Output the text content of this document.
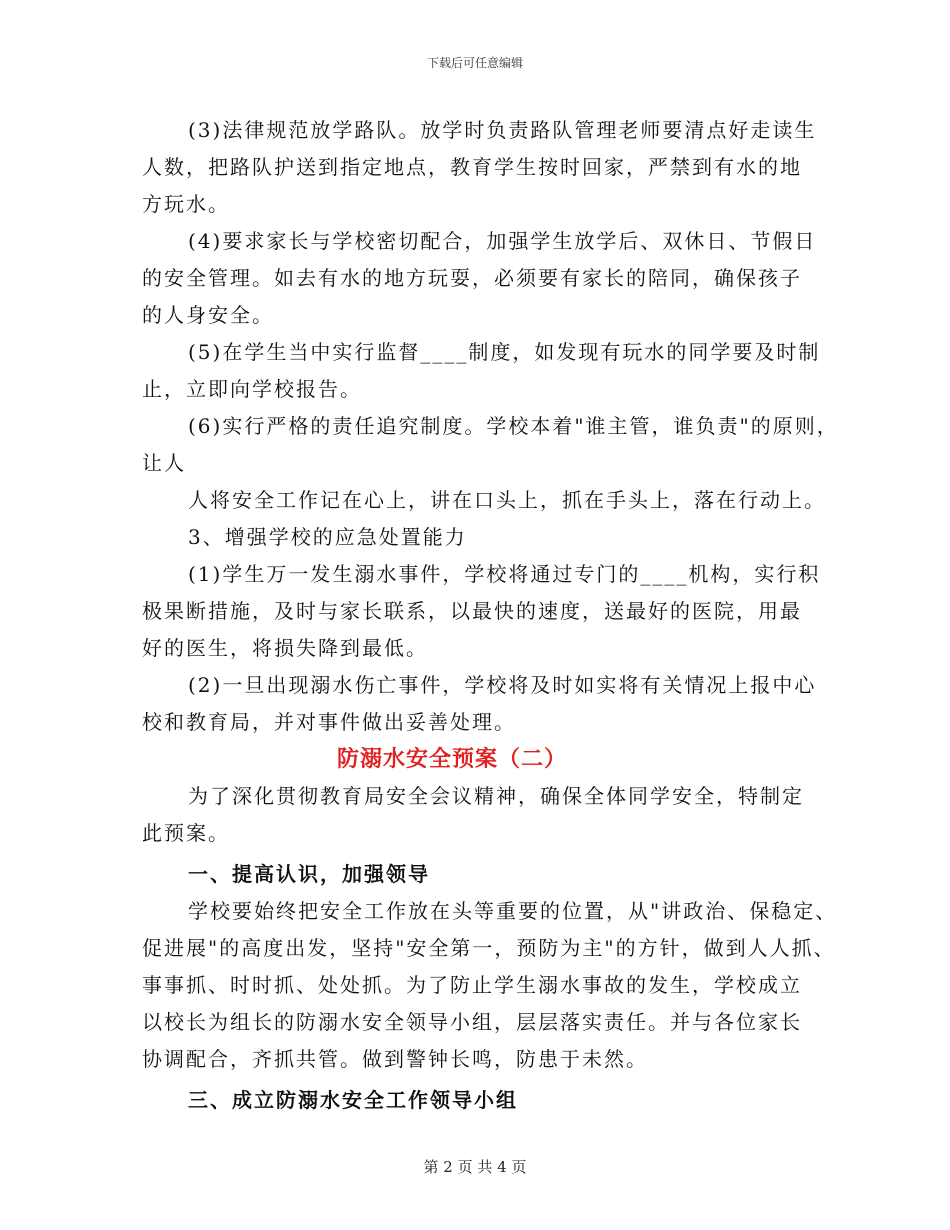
下载后可任意编辑
(3)法律规范放学路队。放学时负责路队管理老师要清点好走读生
人数，把路队护送到指定地点，教育学生按时回家，严禁到有水的地
方玩水。
(4)要求家长与学校密切配合，加强学生放学后、双休日、节假日
的安全管理。如去有水的地方玩耍，必须要有家长的陪同，确保孩子
的人身安全。
(5)在学生当中实行监督____制度，如发现有玩水的同学要及时制
止，立即向学校报告。
(6)实行严格的责任追究制度。学校本着"谁主管，谁负责"的原则，
让人
人将安全工作记在心上，讲在口头上，抓在手头上，落在行动上。
3、增强学校的应急处置能力
(1)学生万一发生溺水事件，学校将通过专门的____机构，实行积
极果断措施，及时与家长联系，以最快的速度，送最好的医院，用最
好的医生，将损失降到最低。
(2)一旦出现溺水伤亡事件，学校将及时如实将有关情况上报中心
校和教育局，并对事件做出妥善处理。
防溺水安全预案（二）
为了深化贯彻教育局安全会议精神，确保全体同学安全，特制定
此预案。
一、提高认识，加强领导
学校要始终把安全工作放在头等重要的位置，从"讲政治、保稳定、
促进展"的高度出发，坚持"安全第一，预防为主"的方针，做到人人抓、
事事抓、时时抓、处处抓。为了防止学生溺水事故的发生，学校成立
以校长为组长的防溺水安全领导小组，层层落实责任。并与各位家长
协调配合，齐抓共管。做到警钟长鸣，防患于未然。
三、成立防溺水安全工作领导小组
第 2 页 共 4 页
